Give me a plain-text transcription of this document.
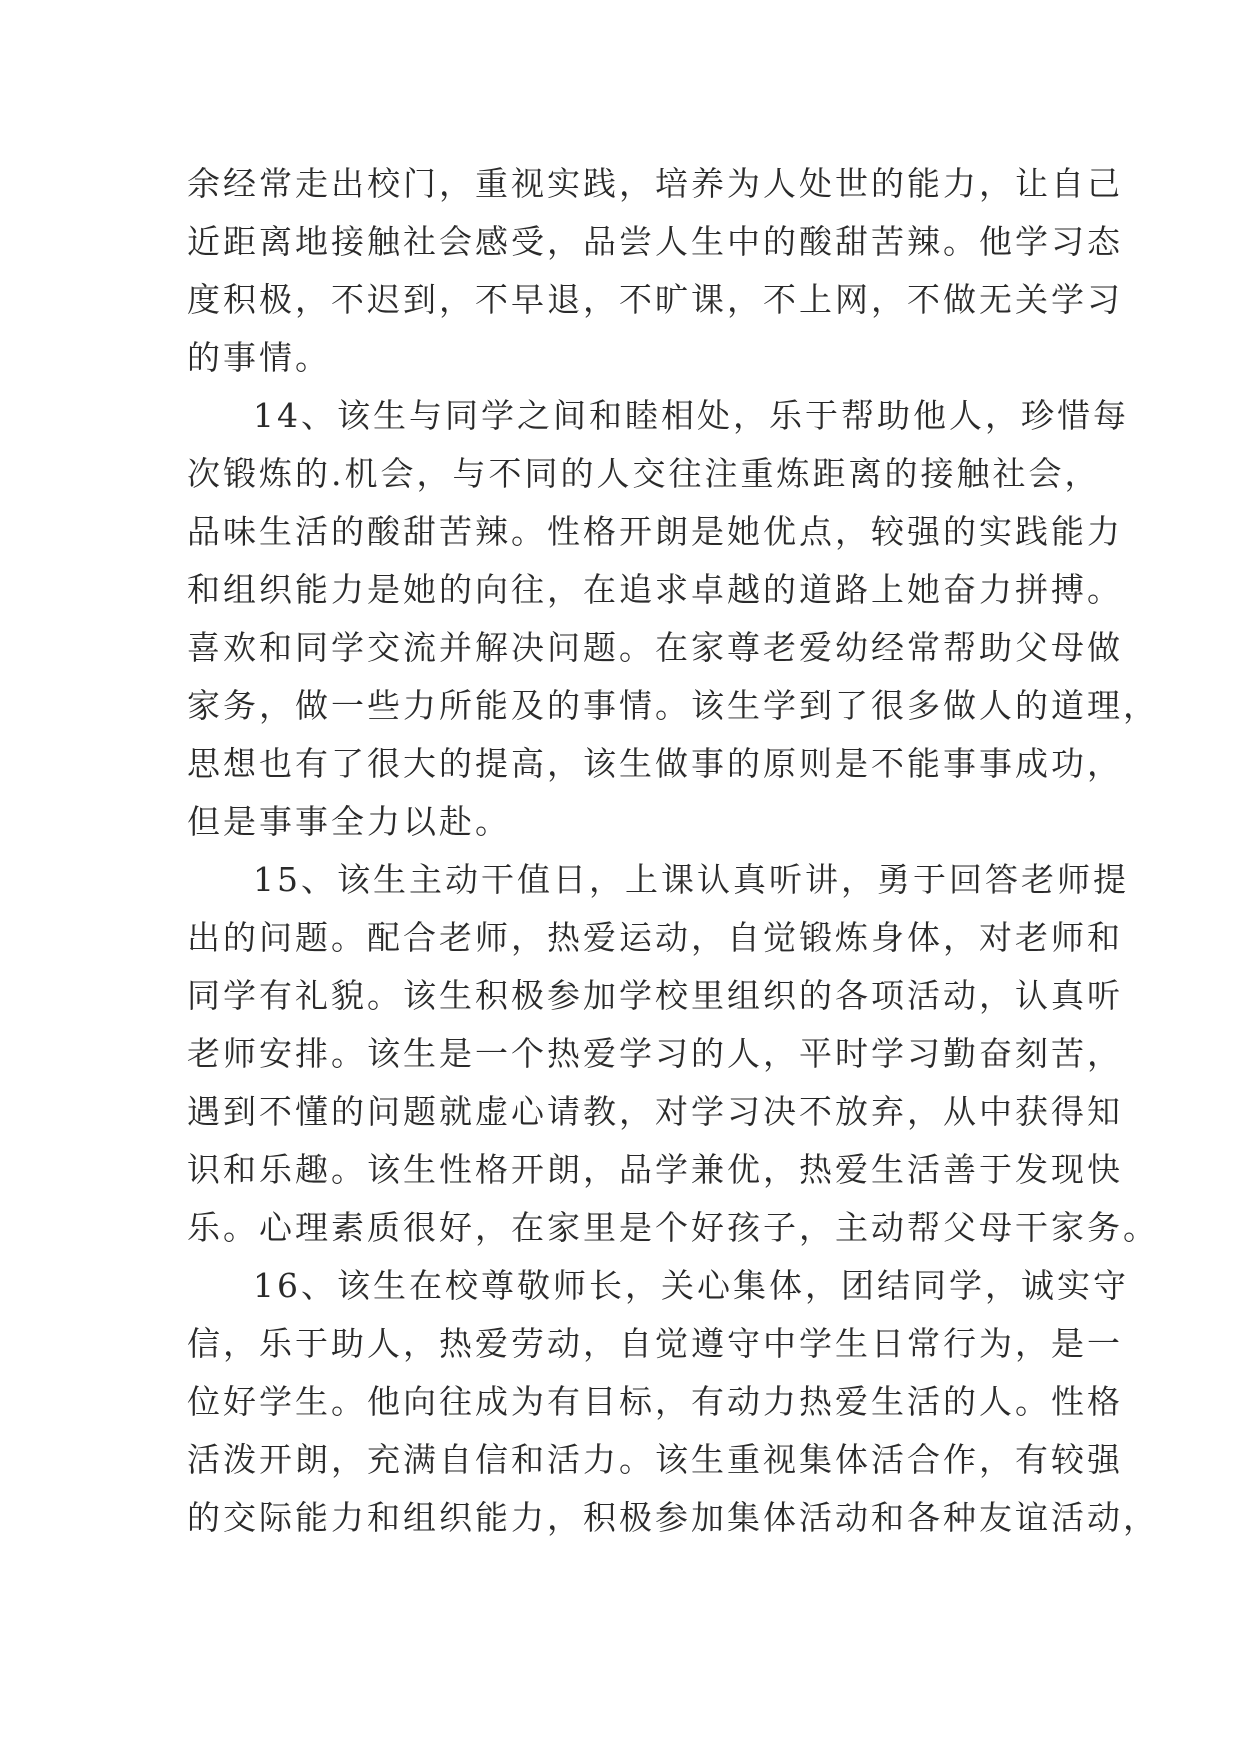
余经常走出校门，重视实践，培养为人处世的能力，让自己
近距离地接触社会感受，品尝人生中的酸甜苦辣。他学习态
度积极，不迟到，不早退，不旷课，不上网，不做无关学习
的事情。
14、该生与同学之间和睦相处，乐于帮助他人，珍惜每
次锻炼的.机会，与不同的人交往注重炼距离的接触社会，
品味生活的酸甜苦辣。性格开朗是她优点，较强的实践能力
和组织能力是她的向往，在追求卓越的道路上她奋力拼搏。
喜欢和同学交流并解决问题。在家尊老爱幼经常帮助父母做
家务，做一些力所能及的事情。该生学到了很多做人的道理，
思想也有了很大的提高，该生做事的原则是不能事事成功，
但是事事全力以赴。
15、该生主动干值日，上课认真听讲，勇于回答老师提
出的问题。配合老师，热爱运动，自觉锻炼身体，对老师和
同学有礼貌。该生积极参加学校里组织的各项活动，认真听
老师安排。该生是一个热爱学习的人，平时学习勤奋刻苦，
遇到不懂的问题就虚心请教，对学习决不放弃，从中获得知
识和乐趣。该生性格开朗，品学兼优，热爱生活善于发现快
乐。心理素质很好，在家里是个好孩子，主动帮父母干家务。
16、该生在校尊敬师长，关心集体，团结同学，诚实守
信，乐于助人，热爱劳动，自觉遵守中学生日常行为，是一
位好学生。他向往成为有目标，有动力热爱生活的人。性格
活泼开朗，充满自信和活力。该生重视集体活合作，有较强
的交际能力和组织能力，积极参加集体活动和各种友谊活动，
